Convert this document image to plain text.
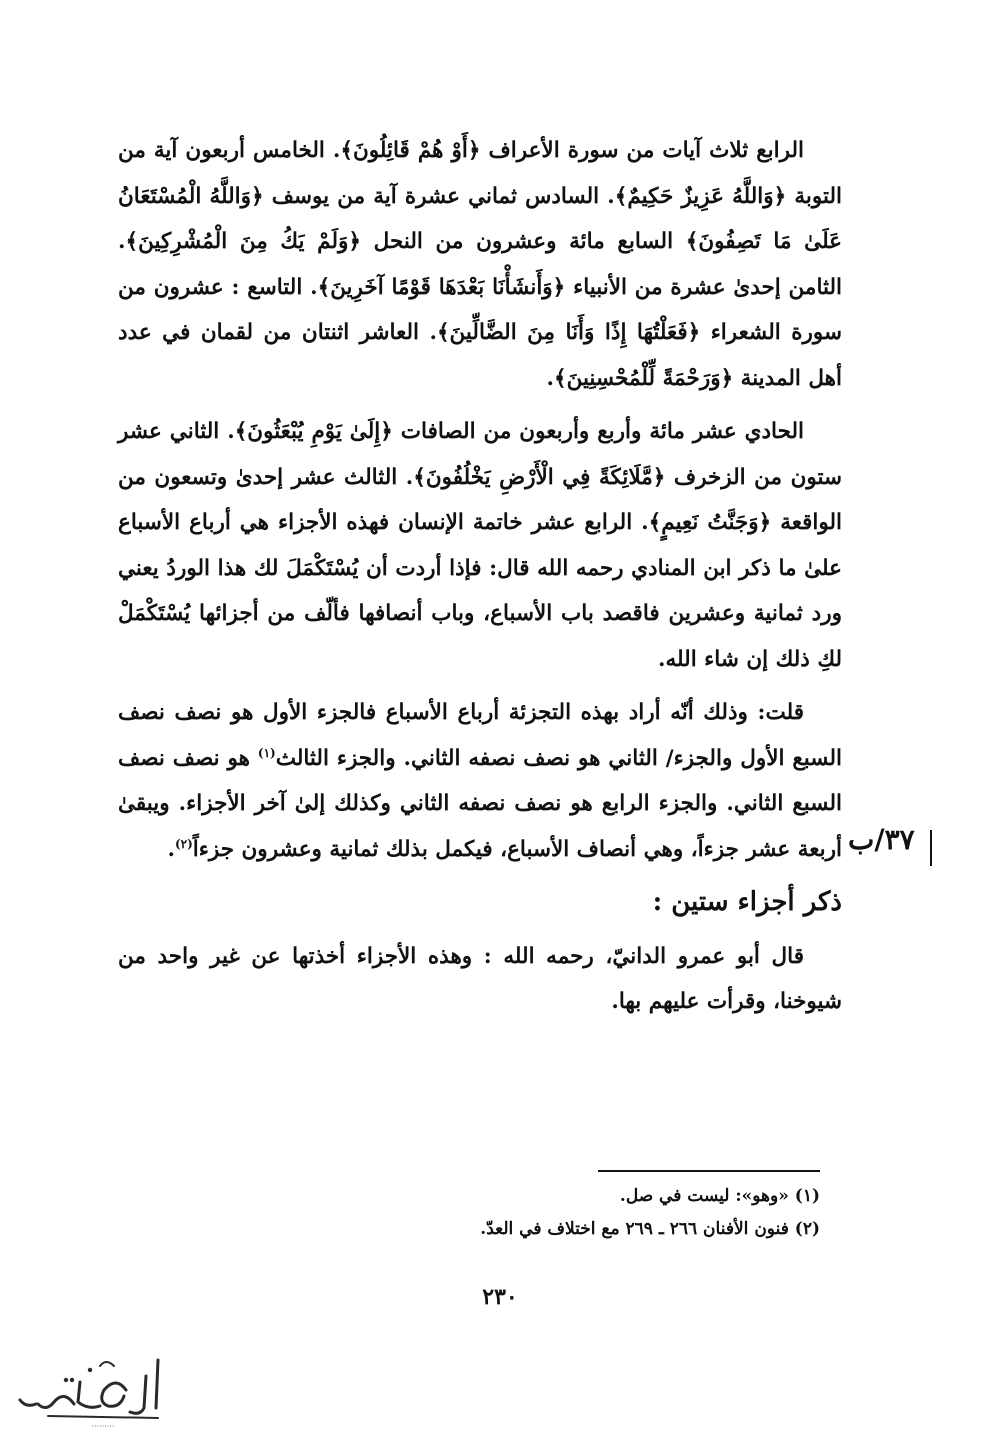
الرابع ثلاث آيات من سورة الأعراف ﴿أَوْ هُمْ قَائِلُونَ﴾. الخامس أربعون آية من التوبة ﴿وَاللَّهُ عَزِيزٌ حَكِيمٌ﴾. السادس ثماني عشرة آية من يوسف ﴿وَاللَّهُ الْمُسْتَعَانُ عَلَىٰ مَا تَصِفُونَ﴾ السابع مائة وعشرون من النحل ﴿وَلَمْ يَكُ مِنَ الْمُشْرِكِينَ﴾. الثامن إحدىٰ عشرة من الأنبياء ﴿وَأَنشَأْنَا بَعْدَهَا قَوْمًا آخَرِينَ﴾. التاسع : عشرون من سورة الشعراء ﴿فَعَلْتُهَا إِذًا وَأَنَا مِنَ الضَّالِّينَ﴾. العاشر اثنتان من لقمان في عدد أهل المدينة ﴿وَرَحْمَةً لِّلْمُحْسِنِينَ﴾.

الحادي عشر مائة وأربع وأربعون من الصافات ﴿إِلَىٰ يَوْمِ يُبْعَثُونَ﴾. الثاني عشر ستون من الزخرف ﴿مَّلَائِكَةً فِي الْأَرْضِ يَخْلُفُونَ﴾. الثالث عشر إحدىٰ وتسعون من الواقعة ﴿وَجَنَّتُ نَعِيمٍ﴾. الرابع عشر خاتمة الإنسان فهذه الأجزاء هي أرباع الأسباع علىٰ ما ذكر ابن المنادي رحمه الله قال: فإذا أردت أن يُسْتَكْمَلَ لك هذا الوردُ يعني ورد ثمانية وعشرين فاقصد باب الأسباع، وباب أنصافها فألّف من أجزائها يُسْتَكْمَلْ لكِ ذلك إن شاء الله.

قلت: وذلك أنّه أراد بهذه التجزئة أرباع الأسباع فالجزء الأول هو نصف نصف السبع الأول والجزء/ الثاني هو نصف نصفه الثاني. والجزء الثالث$^{(١)}$ هو نصف نصف السبع الثاني. والجزء الرابع هو نصف نصفه الثاني وكذلك إلىٰ آخر الأجزاء. ويبقىٰ أربعة عشر جزءاً، وهي أنصاف الأسباع، فيكمل بذلك ثمانية وعشرون جزءاً$^{(٢)}$.

ذكر أجزاء ستين :

قال أبو عمرو الدانيّ، رحمه الله : وهذه الأجزاء أخذتها عن غير واحد من شيوخنا، وقرأت عليهم بها.

٣٧/ب
(١) «وهو»: ليست في صل.
(٢) فنون الأفنان ٢٦٦ ـ ٢٦٩ مع اختلاف في العدّ.
٢٣٠
·········
